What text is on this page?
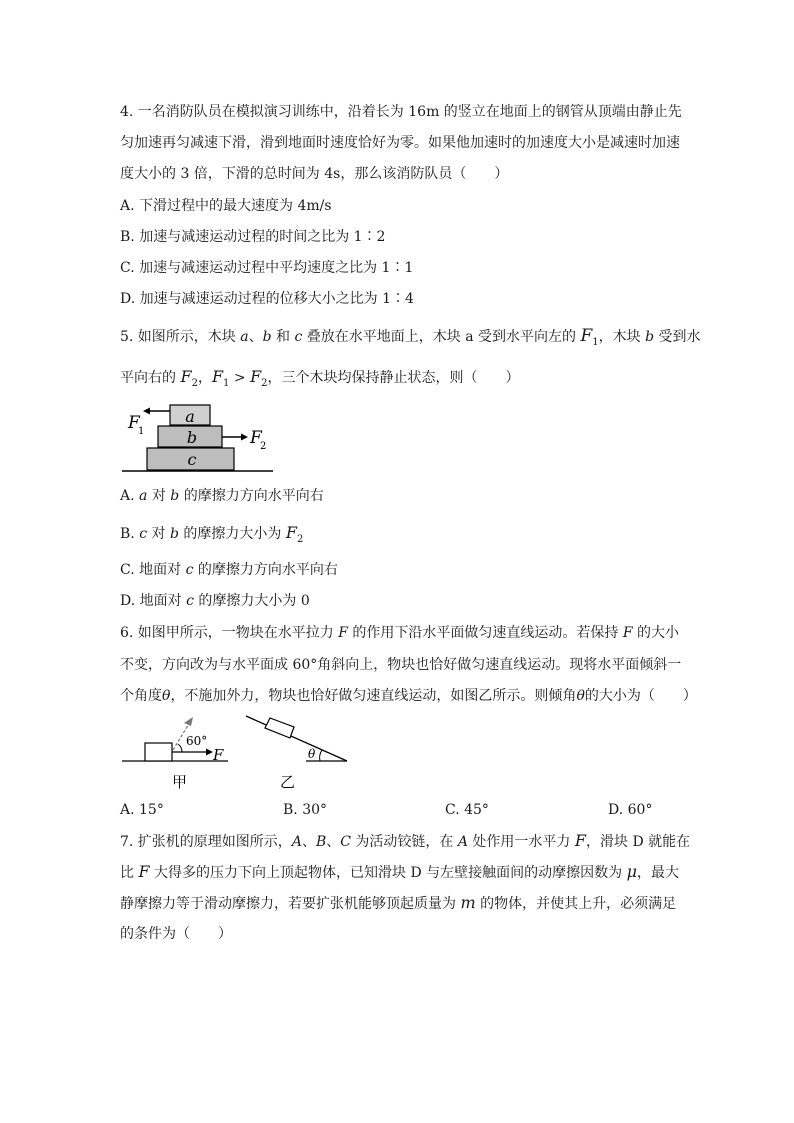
4. 一名消防队员在模拟演习训练中，沿着长为 16m 的竖立在地面上的钢管从顶端由静止先
匀加速再匀减速下滑，滑到地面时速度恰好为零。如果他加速时的加速度大小是减速时加速
度大小的 3 倍，下滑的总时间为 4s，那么该消防队员（　　）
A. 下滑过程中的最大速度为 4m/s
B. 加速与减速运动过程的时间之比为 1∶2
C. 加速与减速运动过程中平均速度之比为 1∶1
D. 加速与减速运动过程的位移大小之比为 1∶4
5. 如图所示，木块 a、b 和 c 叠放在水平地面上，木块 a 受到水平向左的 $F_1$，木块 b 受到水
平向右的 $F_2$，$F_1 > F_2$，三个木块均保持静止状态，则（　　）
a
b
c
F
1	F
2
A. a 对 b 的摩擦力方向水平向右
B. c 对 b 的摩擦力大小为 $F_2$
C. 地面对 c 的摩擦力方向水平向右
D. 地面对 c 的摩擦力大小为 0
6. 如图甲所示，一物块在水平拉力 F 的作用下沿水平面做匀速直线运动。若保持 F 的大小
不变，方向改为与水平面成 60°角斜向上，物块也恰好做匀速直线运动。现将水平面倾斜一
个角度θ，不施加外力，物块也恰好做匀速直线运动，如图乙所示。则倾角θ的大小为（　　）
60°
F
甲
θ
乙
A. 15°	B. 30°	C. 45°	D. 60°
7. 扩张机的原理如图所示，A、B、C 为活动铰链，在 A 处作用一水平力 F，滑块 D 就能在
比 F 大得多的压力下向上顶起物体，已知滑块 D 与左壁接触面间的动摩擦因数为 μ，最大
静摩擦力等于滑动摩擦力，若要扩张机能够顶起质量为 m 的物体，并使其上升，必须满足
的条件为（　　）
